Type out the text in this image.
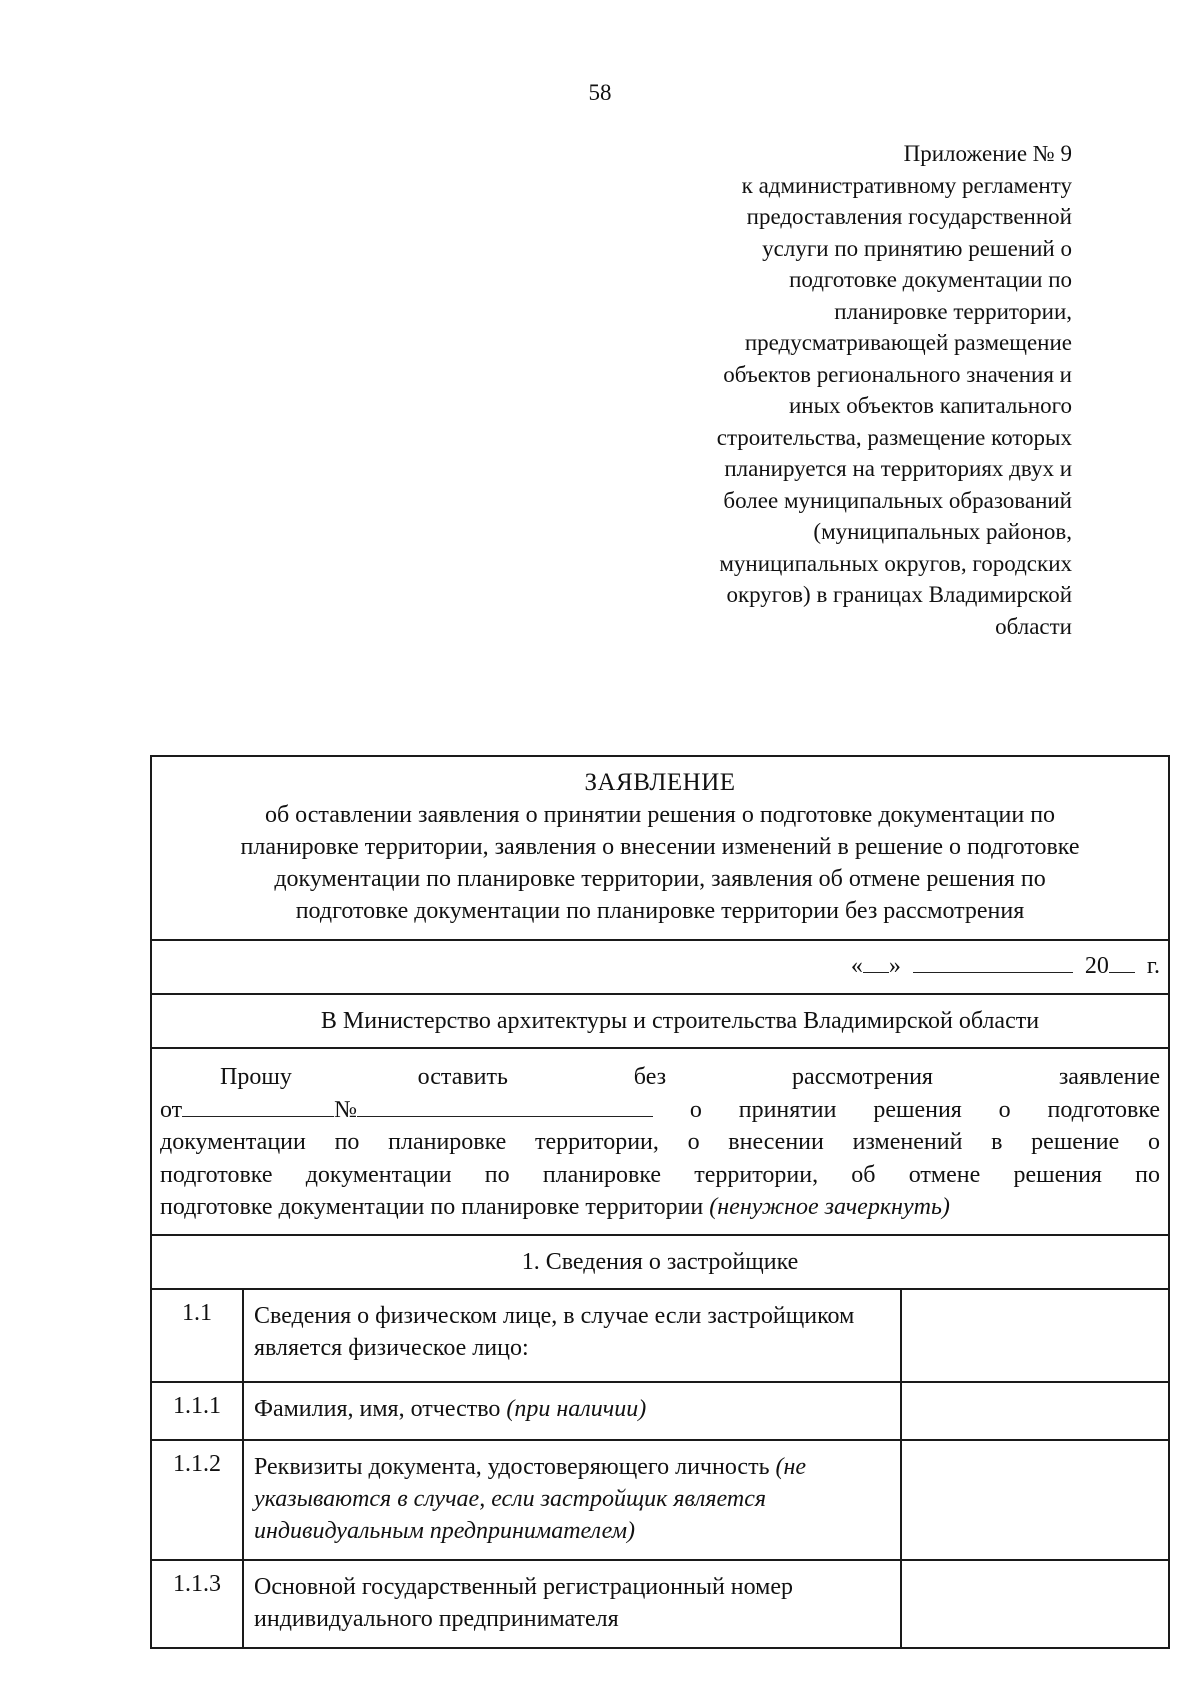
58
Приложение № 9
к административному регламенту
предоставления государственной
услуги по принятию решений о
подготовке документации по
планировке территории,
предусматривающей размещение
объектов регионального значения и
иных объектов капитального
строительства, размещение которых
планируется на территориях двух и
более муниципальных образований
(муниципальных районов,
муниципальных округов, городских
округов) в границах Владимирской
области
ЗАЯВЛЕНИЕ
об оставлении заявления о принятии решения о подготовке документации по
планировке территории, заявления о внесении изменений в решение о подготовке
документации по планировке территории, заявления об отмене решения по
подготовке документации по планировке территории без рассмотрения
« »	20 г.
В Министерство архитектуры и строительства Владимирской области
Прошу	оставить	без	рассмотрения	заявление
от	№	о принятии решения о подготовке
документации по планировке территории, о внесении изменений в решение о
подготовке документации по планировке территории, об отмене решения по
подготовке документации по планировке территории (ненужное зачеркнуть)
1. Сведения о застройщике
1.1	Сведения о физическом лице, в случае если застройщиком является физическое лицо:
1.1.1	Фамилия, имя, отчество (при наличии)
1.1.2	Реквизиты документа, удостоверяющего личность (не указываются в случае, если застройщик является индивидуальным предпринимателем)
1.1.3	Основной государственный регистрационный номер индивидуального предпринимателя
